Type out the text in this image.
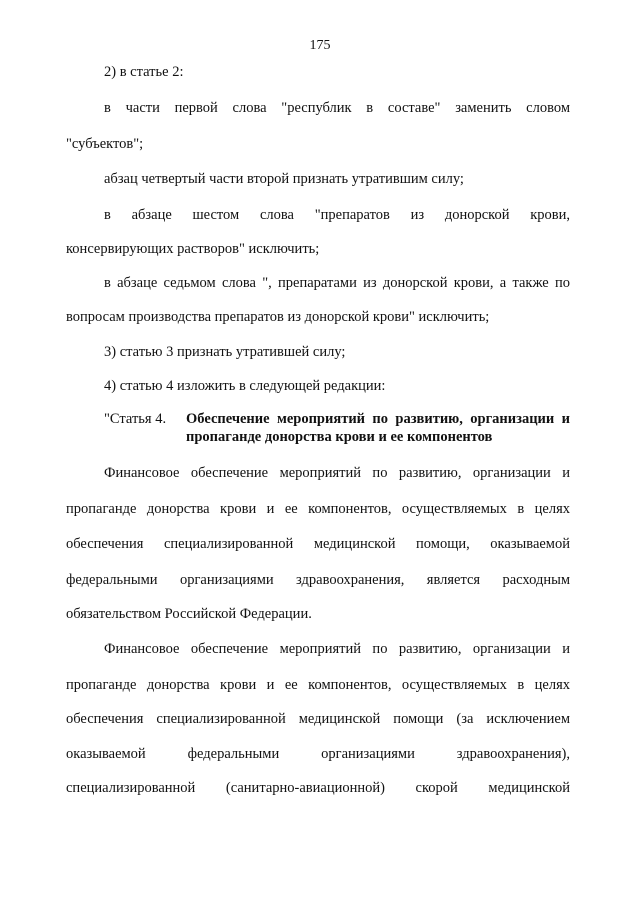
175
2) в статье 2:
в части первой слова "республик в составе" заменить словом
"субъектов";
абзац четвертый части второй признать утратившим силу;
в абзаце шестом слова "препаратов из донорской крови,
консервирующих растворов" исключить;
в абзаце седьмом слова ", препаратами из донорской крови, а также по
вопросам производства препаратов из донорской крови" исключить;
3) статью 3 признать утратившей силу;
4) статью 4 изложить в следующей редакции:
"Статья 4. Обеспечение мероприятий по развитию, организации и
пропаганде донорства крови и ее компонентов
Финансовое обеспечение мероприятий по развитию, организации и
пропаганде донорства крови и ее компонентов, осуществляемых в целях
обеспечения специализированной медицинской помощи, оказываемой
федеральными организациями здравоохранения, является расходным
обязательством Российской Федерации.
Финансовое обеспечение мероприятий по развитию, организации и
пропаганде донорства крови и ее компонентов, осуществляемых в целях
обеспечения специализированной медицинской помощи (за исключением
оказываемой федеральными организациями здравоохранения),
специализированной (санитарно-авиационной) скорой медицинской
